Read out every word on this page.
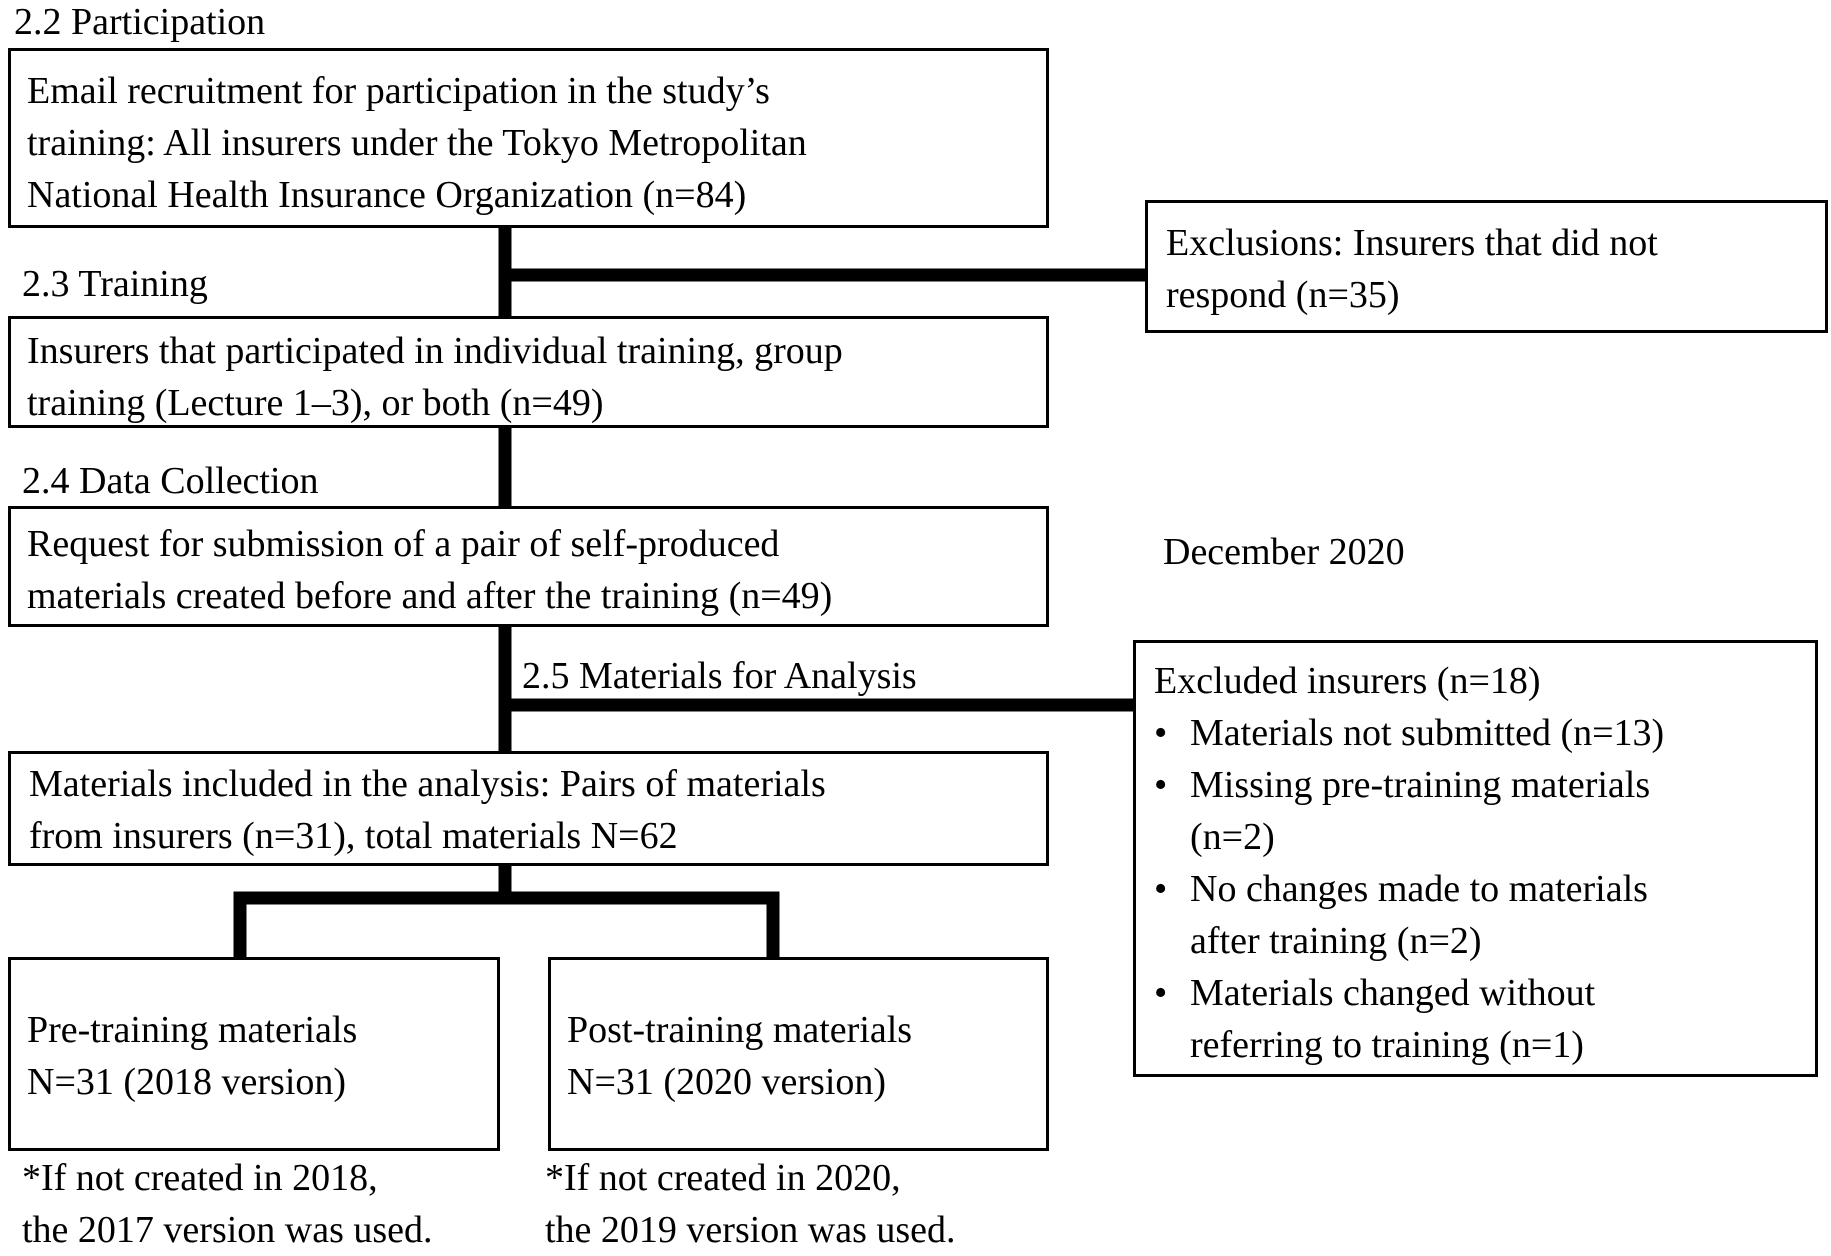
2.2 Participation
Email recruitment for participation in the study’s
training: All insurers under the Tokyo Metropolitan
National Health Insurance Organization (n=84)
Exclusions: Insurers that did not
respond (n=35)
2.3 Training
Insurers that participated in individual training, group
training (Lecture 1–3), or both (n=49)
2.4 Data Collection
Request for submission of a pair of self-produced
materials created before and after the training (n=49)
December 2020
2.5 Materials for Analysis	Excluded insurers (n=18)
• Materials not submitted (n=13)
• Missing pre-training materials
(n=2)
• No changes made to materials
after training (n=2)
• Materials changed without
referring to training (n=1)
Materials included in the analysis: Pairs of materials
from insurers (n=31), total materials N=62
Pre-training materials
N=31 (2018 version)
Post-training materials
N=31 (2020 version)
*If not created in 2018,
the 2017 version was used.
*If not created in 2020,
the 2019 version was used.
